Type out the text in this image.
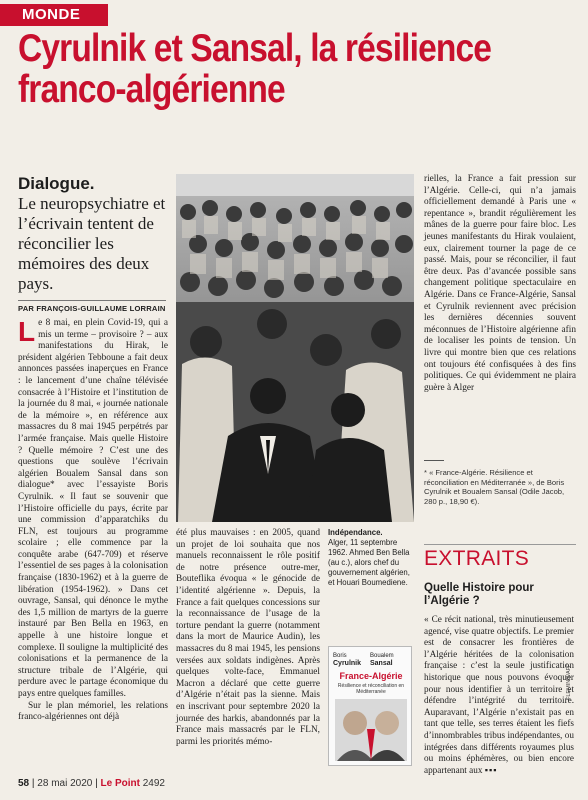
MONDE
Cyrulnik et Sansal, la résilience franco-algérienne
Dialogue.
Le neuropsychiatre et l’écrivain tentent de réconcilier les mémoires des deux pays.
PAR FRANÇOIS-GUILLAUME LORRAIN

Le 8 mai, en plein Covid-19, qui a mis un terme – provisoire ? – aux manifestations du Hirak, le président algérien Tebboune a fait deux annonces passées inaperçues en France : le lancement d’une chaîne télévisée consacrée à l’Histoire et l’institution de la journée du 8 mai, « journée nationale de la mémoire », en référence aux massacres du 8 mai 1945 perpétrés par l’armée française. Mais quelle Histoire ? Quelle mémoire ? C’est une des questions que soulève l’écrivain algérien Boualem Sansal dans son dialogue* avec l’essayiste Boris Cyrulnik. « Il faut se souvenir que l’Histoire officielle du pays, écrite par une commission d’apparatchiks du FLN, est toujours au programme scolaire ; elle commence par la conquête arabe (647-709) et réserve l’essentiel de ses pages à la colonisation française (1830-1962) et à la guerre de libération (1954-1962). » Dans cet ouvrage, Sansal, qui dénonce le mythe des 1,5 million de martyrs de la guerre instauré par Ben Bella en 1963, en appelle à une histoire longue et complexe. Il souligne la multiplicité des colonisations et la permanence de la structure tribale de l’Algérie, qui perdure avec le partage économique du pays entre quelques familles.

Sur le plan mémoriel, les relations franco-algériennes ont déjà

été plus mauvaises : en 2005, quand un projet de loi souhaita que nos manuels reconnaissent le rôle positif de notre présence outre-mer, Bouteflika évoqua « le génocide de l’identité algérienne ». Depuis, la France a fait quelques concessions sur la reconnaissance de l’usage de la torture pendant la guerre (notamment dans la mort de Maurice Audin), les massacres du 8 mai 1945, les pensions versées aux soldats indigènes. Après quelques volte-face, Emmanuel Macron a déclaré que cette guerre d’Algérie n’était pas la sienne. Mais en inscrivant pour septembre 2020 la journée des harkis, abandonnés par la France mais massacrés par le FLN, parmi les priorités mémo-

Indépendance.
Alger, 11 septembre 1962. Ahmed Ben Bella (au c.), alors chef du gouvernement algérien, et Houari Boumediene.
Boris
CyrulnikBoualem
Sansal
France-Algérie
Résilience et réconciliation en Méditerranée

rielles, la France a fait pression sur l’Algérie. Celle-ci, qui n’a jamais officiellement demandé à Paris une « repentance », brandit régulièrement les mânes de la guerre pour faire bloc. Les jeunes manifestants du Hirak voulaient, eux, clairement tourner la page de ce passé. Mais, pour se réconcilier, il faut être deux. Pas d’avancée possible sans changement politique spectaculaire en Algérie. Dans ce France-Algérie, Sansal et Cyrulnik reviennent avec précision les dernières décennies souvent méconnues de l’Histoire algérienne afin de localiser les points de tension. Un livre qui montre bien que ces relations ont toujours été confisquées à des fins politiques. Ce qui évidemment ne plaira guère à Alger

* « France-Algérie. Résilience et réconciliation en Méditerranée », de Boris Cyrulnik et Boualem Sansal (Odile Jacob, 280 p., 18,90 €).
EXTRAITS
Quelle Histoire pour l’Algérie ?

« Ce récit national, très minutieusement agencé, vise quatre objectifs. Le premier est de consacrer les frontières de l’Algérie héritées de la colonisation française : c’est la seule justification historique que nous pouvons évoquer pour nous identifier à un territoire et défendre l’intégrité du territoire. Auparavant, l’Algérie n’existait pas en tant que telle, ses terres étaient les fiefs d’innombrables tribus indépendantes, ou intégrées dans différents royaumes plus ou moins éphémères, ou bien encore appartenant aux ▪▪▪

FLEMING/AFP
58 | 28 mai 2020 | Le Point 2492
